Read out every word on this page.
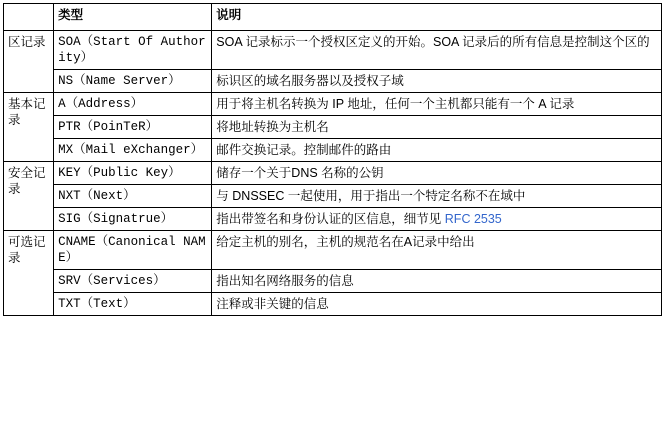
	类型	说明
区记录	SOA（Start Of Authority）	SOA 记录标示一个授权区定义的开始。SOA 记录后的所有信息是控制这个区的
	NS（Name Server）	标识区的域名服务器以及授权子域
基本记录	A（Address）	用于将主机名转换为 IP 地址，任何一个主机都只能有一个 A 记录
	PTR（PoinTeR）	将地址转换为主机名
	MX（Mail eXchanger）	邮件交换记录。控制邮件的路由
安全记录	KEY（Public Key）	储存一个关于DNS 名称的公钥
	NXT（Next）	与 DNSSEC 一起使用，用于指出一个特定名称不在域中
	SIG（Signatrue）	指出带签名和身份认证的区信息，细节见 RFC 2535
可选记录	CNAME（Canonical NAME）	给定主机的别名，主机的规范名在A记录中给出
	SRV（Services）	指出知名网络服务的信息
	TXT（Text）	注释或非关键的信息
